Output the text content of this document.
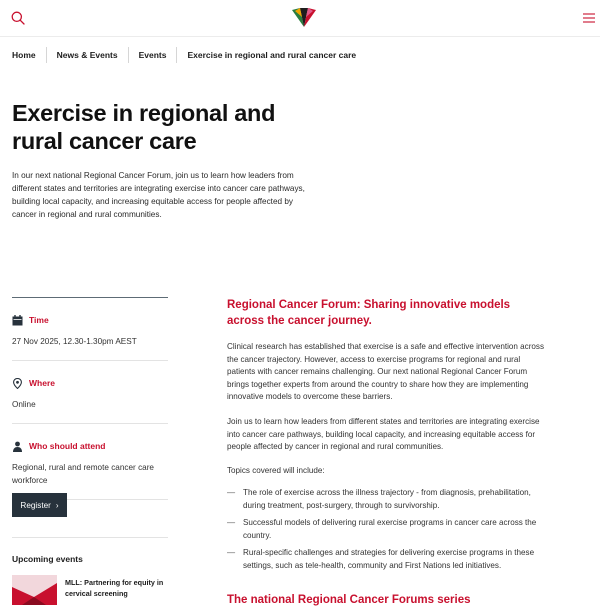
Home	News & Events	Events	Exercise in regional and rural cancer care
Exercise in regional and rural cancer care

In our next national Regional Cancer Forum, join us to learn how leaders from different states and territories are integrating exercise into cancer care pathways, building local capacity, and increasing equitable access for people affected by cancer in regional and rural communities.

Time
27 Nov 2025, 12.30-1.30pm AEST
Where
Online
Who should attend
Regional, rural and remote cancer care workforce
Register ›
Upcoming events
MLL: Partnering for equity in cervical screening
Regional Cancer Forum: Sharing innovative models across the cancer journey.

Clinical research has established that exercise is a safe and effective intervention across the cancer trajectory. However, access to exercise programs for regional and rural patients with cancer remains challenging. Our next national Regional Cancer Forum brings together experts from around the country to share how they are implementing innovative models to overcome these barriers.

Join us to learn how leaders from different states and territories are integrating exercise into cancer care pathways, building local capacity, and increasing equitable access for people affected by cancer in regional and rural communities.

Topics covered will include:

— The role of exercise across the illness trajectory - from diagnosis, prehabilitation, during treatment, post-surgery, through to survivorship.
— Successful models of delivering rural exercise programs in cancer care across the country.
— Rural-specific challenges and strategies for delivering exercise programs in these settings, such as tele-health, community and First Nations led initiatives.
The national Regional Cancer Forums series
